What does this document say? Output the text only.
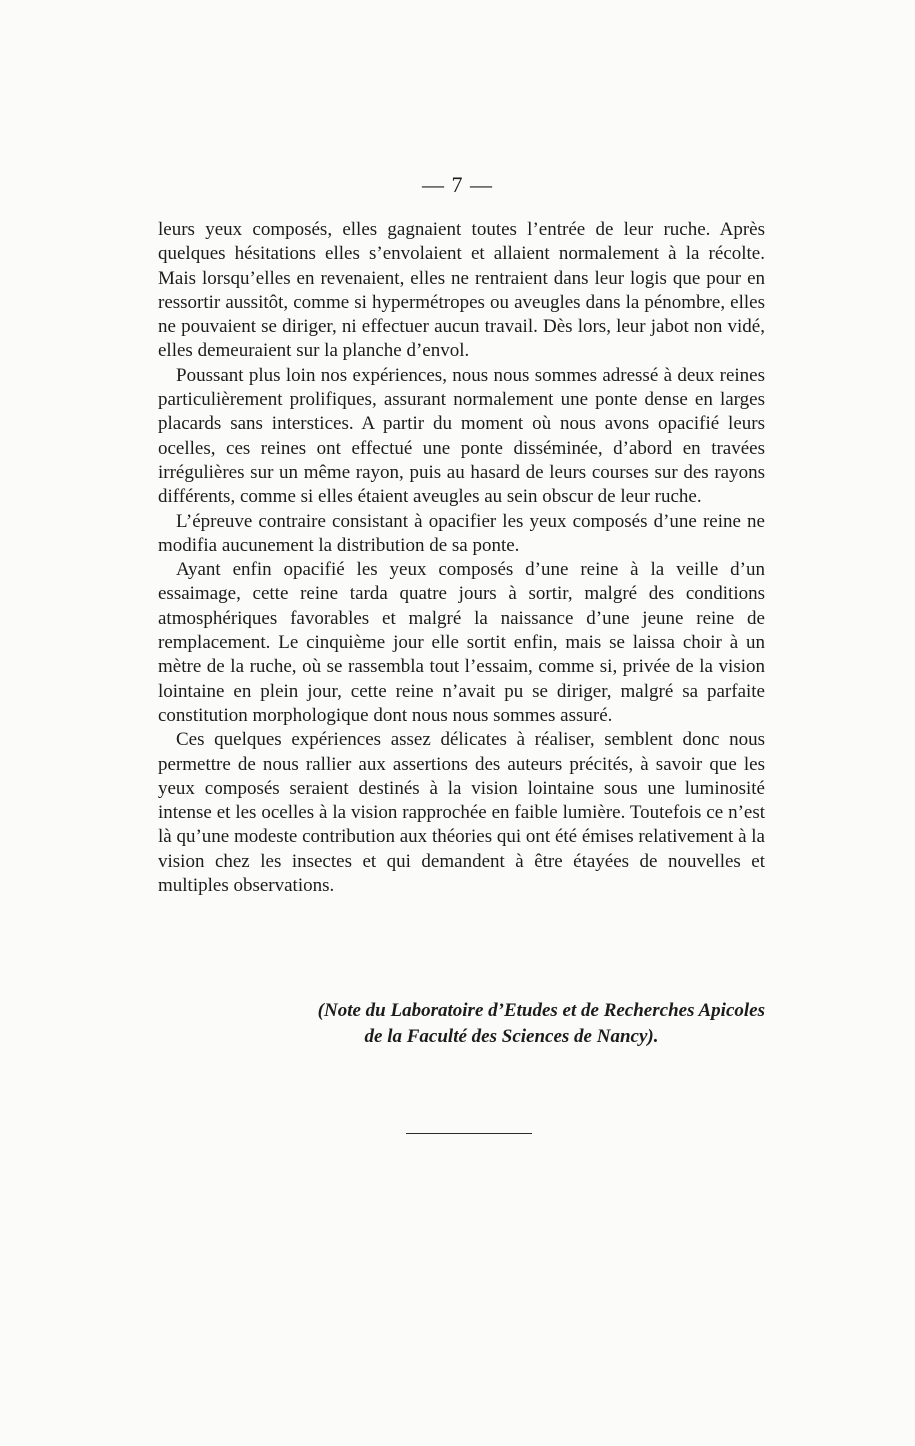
— 7 —

leurs yeux composés, elles gagnaient toutes l’entrée de leur ruche. Après quelques hésitations elles s’envolaient et allaient normalement à la récolte. Mais lorsqu’elles en revenaient, elles ne rentraient dans leur logis que pour en ressortir aussitôt, comme si hypermétropes ou aveugles dans la pénombre, elles ne pouvaient se diriger, ni effectuer aucun travail. Dès lors, leur jabot non vidé, elles demeuraient sur la planche d’envol.

Poussant plus loin nos expériences, nous nous sommes adressé à deux reines particulièrement prolifiques, assurant normalement une ponte dense en larges placards sans interstices. A partir du moment où nous avons opacifié leurs ocelles, ces reines ont effectué une ponte disséminée, d’abord en travées irrégulières sur un même rayon, puis au hasard de leurs courses sur des rayons différents, comme si elles étaient aveugles au sein obscur de leur ruche.

L’épreuve contraire consistant à opacifier les yeux composés d’une reine ne modifia aucunement la distribution de sa ponte.

Ayant enfin opacifié les yeux composés d’une reine à la veille d’un essaimage, cette reine tarda quatre jours à sortir, malgré des conditions atmosphériques favorables et malgré la naissance d’une jeune reine de remplacement. Le cinquième jour elle sortit enfin, mais se laissa choir à un mètre de la ruche, où se rassembla tout l’essaim, comme si, privée de la vision lointaine en plein jour, cette reine n’avait pu se diriger, malgré sa parfaite constitution morphologique dont nous nous sommes assuré.

Ces quelques expériences assez délicates à réaliser, semblent donc nous permettre de nous rallier aux assertions des auteurs précités, à savoir que les yeux composés seraient destinés à la vision lointaine sous une luminosité intense et les ocelles à la vision rapprochée en faible lumière. Toutefois ce n’est là qu’une modeste contribution aux théories qui ont été émises relativement à la vision chez les insectes et qui demandent à être étayées de nouvelles et multiples observations.

(Note du Laboratoire d’Etudes et de Recherches Apicoles
de la Faculté des Sciences de Nancy).
